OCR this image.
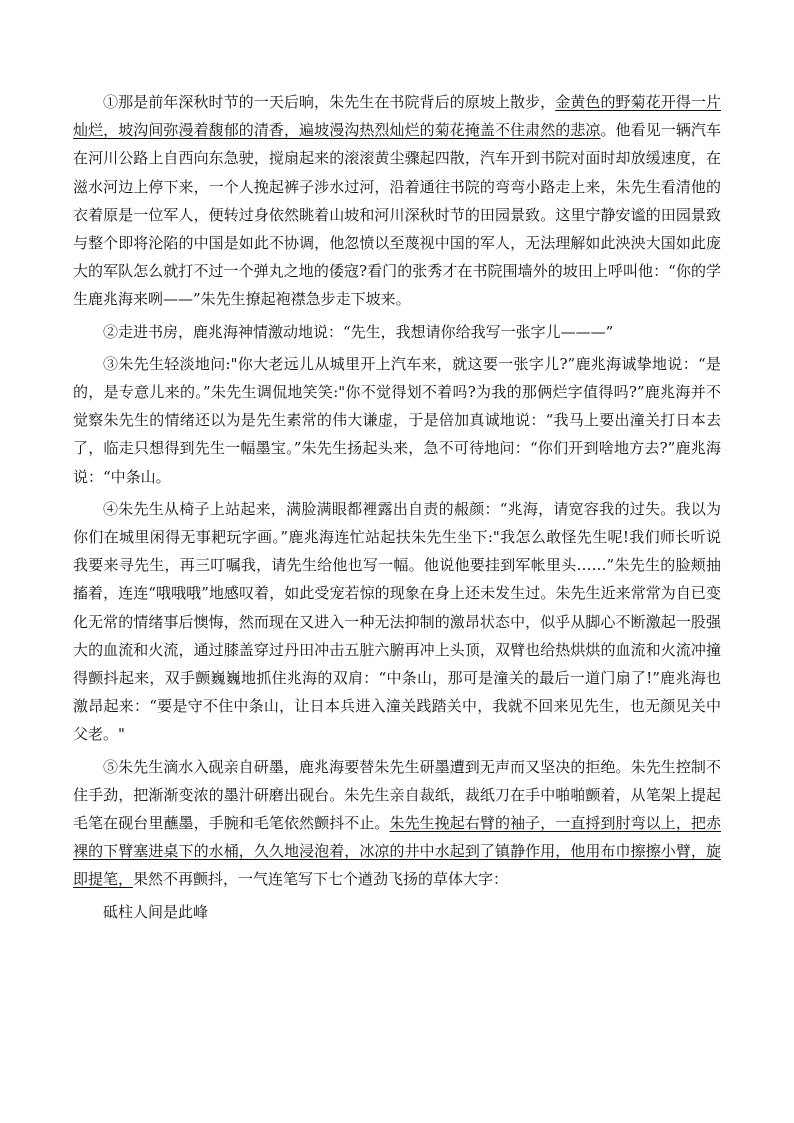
①那是前年深秋时节的一天后晌，朱先生在书院背后的原坡上散步，金黄色的野菊花开得一片灿烂，坡沟间弥漫着馥郁的清香，遍坡漫沟热烈灿烂的菊花掩盖不住肃然的悲凉。他看见一辆汽车在河川公路上自西向东急驶，搅扇起来的滚滚黄尘骤起四散，汽车开到书院对面时却放缓速度，在滋水河边上停下来，一个人挽起裤子涉水过河，沿着通往书院的弯弯小路走上来，朱先生看清他的衣着原是一位军人，便转过身依然眺着山坡和河川深秋时节的田园景致。这里宁静安谧的田园景致与整个即将沦陷的中国是如此不协调，他忽愤以至蔑视中国的军人，无法理解如此泱泱大国如此庞大的军队怎么就打不过一个弹丸之地的倭寇?看门的张秀才在书院围墙外的坡田上呼叫他：“你的学生鹿兆海来咧——”朱先生撩起袍襟急步走下坡来。

②走进书房，鹿兆海神情激动地说：“先生，我想请你给我写一张字儿———”

③朱先生轻淡地问:"你大老远儿从城里开上汽车来，就这要一张字儿?”鹿兆海诚挚地说：“是的，是专意儿来的。”朱先生调侃地笑笑:"你不觉得划不着吗?为我的那俩烂字值得吗?”鹿兆海并不觉察朱先生的情绪还以为是先生素常的伟大谦虚，于是倍加真诚地说：“我马上要出潼关打日本去了，临走只想得到先生一幅墨宝。”朱先生扬起头来，急不可待地问：“你们开到啥地方去?”鹿兆海说：“中条山。

④朱先生从椅子上站起来，满脸满眼都裡露出自责的赧颜：“兆海，请宽容我的过失。我以为你们在城里闲得无事耙玩字画。”鹿兆海连忙站起扶朱先生坐下:"我怎么敢怪先生呢!我们师长听说我要来寻先生，再三叮嘱我，请先生给他也写一幅。他说他要挂到军帐里头……”朱先生的脸颊抽搐着，连连“哦哦哦”地感叹着，如此受宠若惊的现象在身上还未发生过。朱先生近来常常为自已变化无常的情绪事后懊悔，然而现在又进入一种无法抑制的激昂状态中，似乎从脚心不断激起一股强大的血流和火流，通过膝盖穿过丹田冲击五脏六腑再冲上头顶，双臂也给热烘烘的血流和火流冲撞得颤抖起来，双手颤巍巍地抓住兆海的双肩：“中条山，那可是潼关的最后一道门扇了!”鹿兆海也激昂起来：“要是守不住中条山，让日本兵进入潼关践踏关中，我就不回来见先生，也无颜见关中父老。"

⑤朱先生滴水入砚亲自研墨，鹿兆海要替朱先生研墨遭到无声而又坚决的拒绝。朱先生控制不住手劲，把渐渐变浓的墨汁研磨出砚台。朱先生亲自裁纸，裁纸刀在手中啪啪颤着，从笔架上提起毛笔在砚台里蘸墨，手腕和毛笔依然颤抖不止。朱先生挽起右臂的袖子，一直捋到肘弯以上，把赤裸的下臂塞进桌下的水桶，久久地浸泡着，冰凉的井中水起到了镇静作用，他用布巾擦擦小臂，旋即提笔，果然不再颤抖，一气连笔写下七个遒劲飞扬的草体大字：

砥柱人间是此峰
